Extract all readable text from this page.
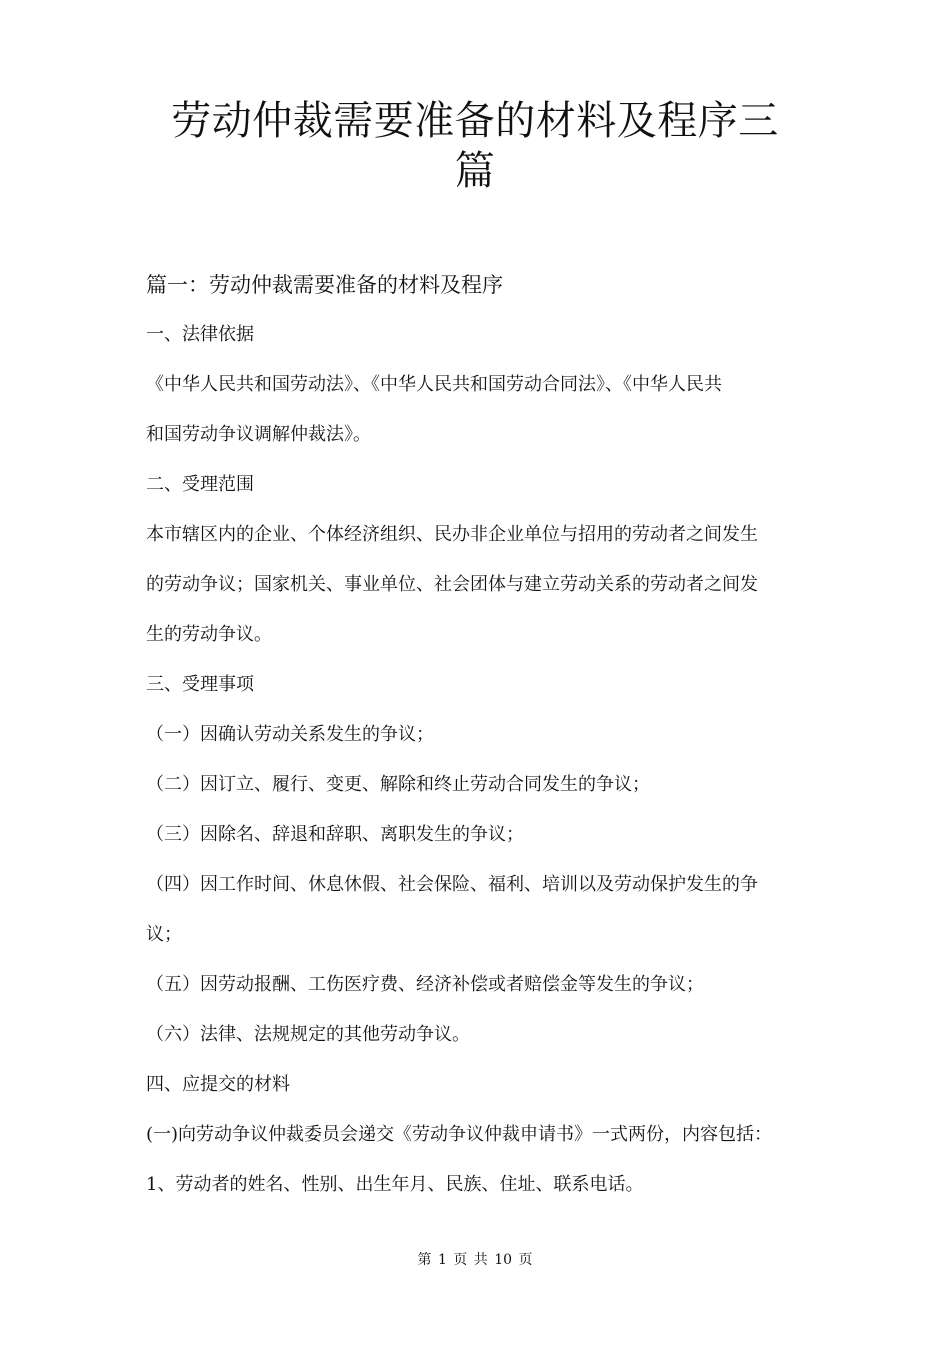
劳动仲裁需要准备的材料及程序三
篇
篇一：劳动仲裁需要准备的材料及程序
一、法律依据
《中华人民共和国劳动法》、《中华人民共和国劳动合同法》、《中华人民共
和国劳动争议调解仲裁法》。
二、受理范围
本市辖区内的企业、个体经济组织、民办非企业单位与招用的劳动者之间发生
的劳动争议；国家机关、事业单位、社会团体与建立劳动关系的劳动者之间发
生的劳动争议。
三、受理事项
（一）因确认劳动关系发生的争议；
（二）因订立、履行、变更、解除和终止劳动合同发生的争议；
（三）因除名、辞退和辞职、离职发生的争议；
（四）因工作时间、休息休假、社会保险、福利、培训以及劳动保护发生的争
议；
（五）因劳动报酬、工伤医疗费、经济补偿或者赔偿金等发生的争议；
（六）法律、法规规定的其他劳动争议。
四、应提交的材料
(一)向劳动争议仲裁委员会递交《劳动争议仲裁申请书》一式两份，内容包括：
1、劳动者的姓名、性别、出生年月、民族、住址、联系电话。
第 1 页 共 10 页
